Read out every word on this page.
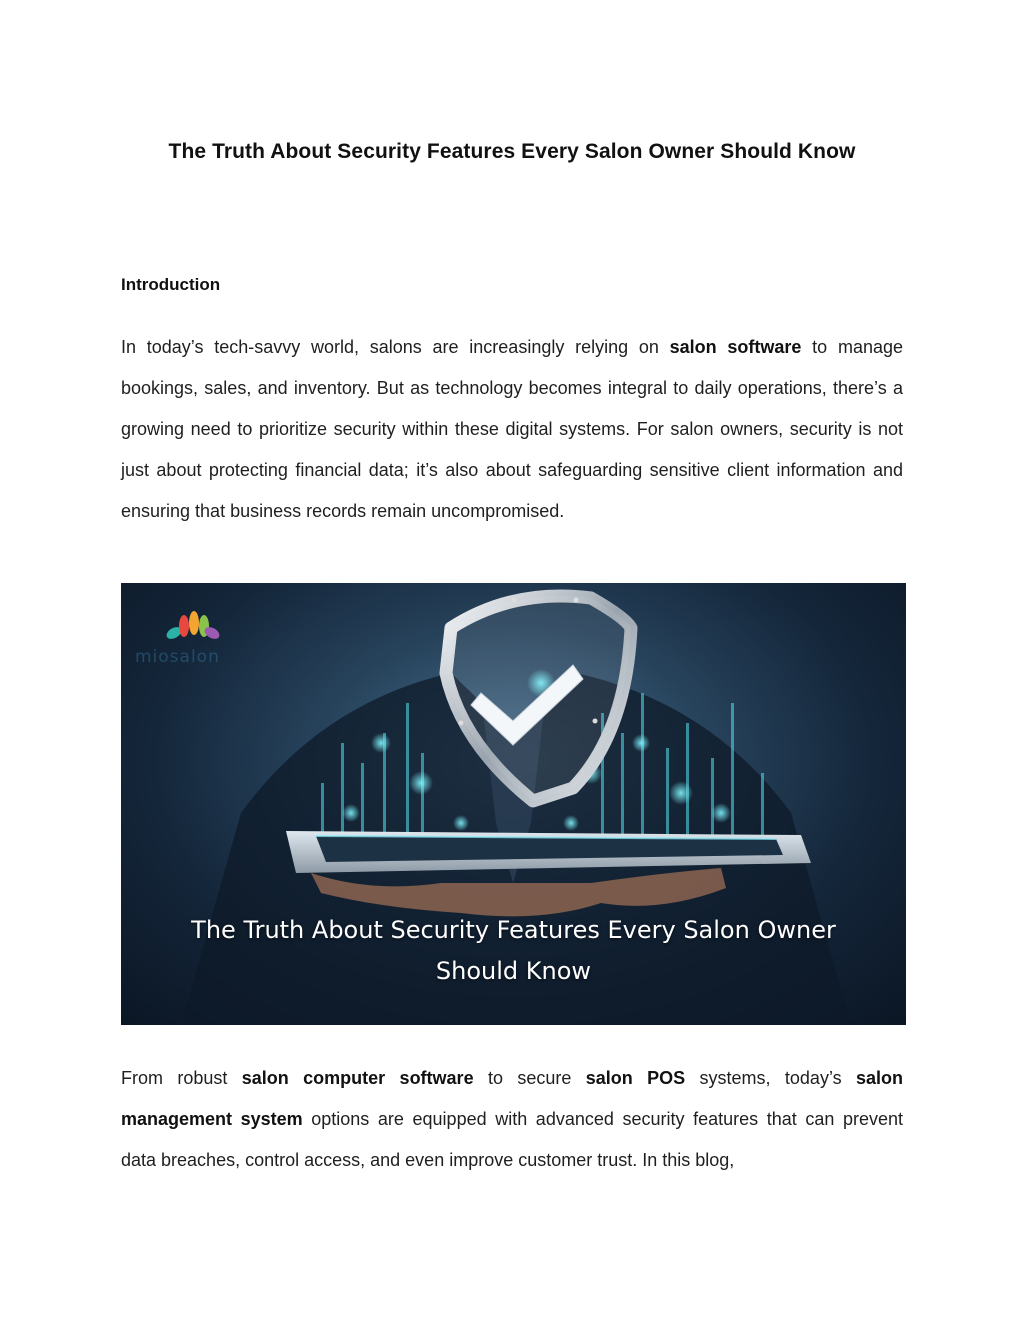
The Truth About Security Features Every Salon Owner Should Know
Introduction
In today’s tech-savvy world, salons are increasingly relying on salon software to manage bookings, sales, and inventory. But as technology becomes integral to daily operations, there’s a growing need to prioritize security within these digital systems. For salon owners, security is not just about protecting financial data; it’s also about safeguarding sensitive client information and ensuring that business records remain uncompromised.
miosalon
The Truth About Security Features Every Salon Owner
Should Know
From robust salon computer software to secure salon POS systems, today’s salon management system options are equipped with advanced security features that can prevent data breaches, control access, and even improve customer trust. In this blog,
